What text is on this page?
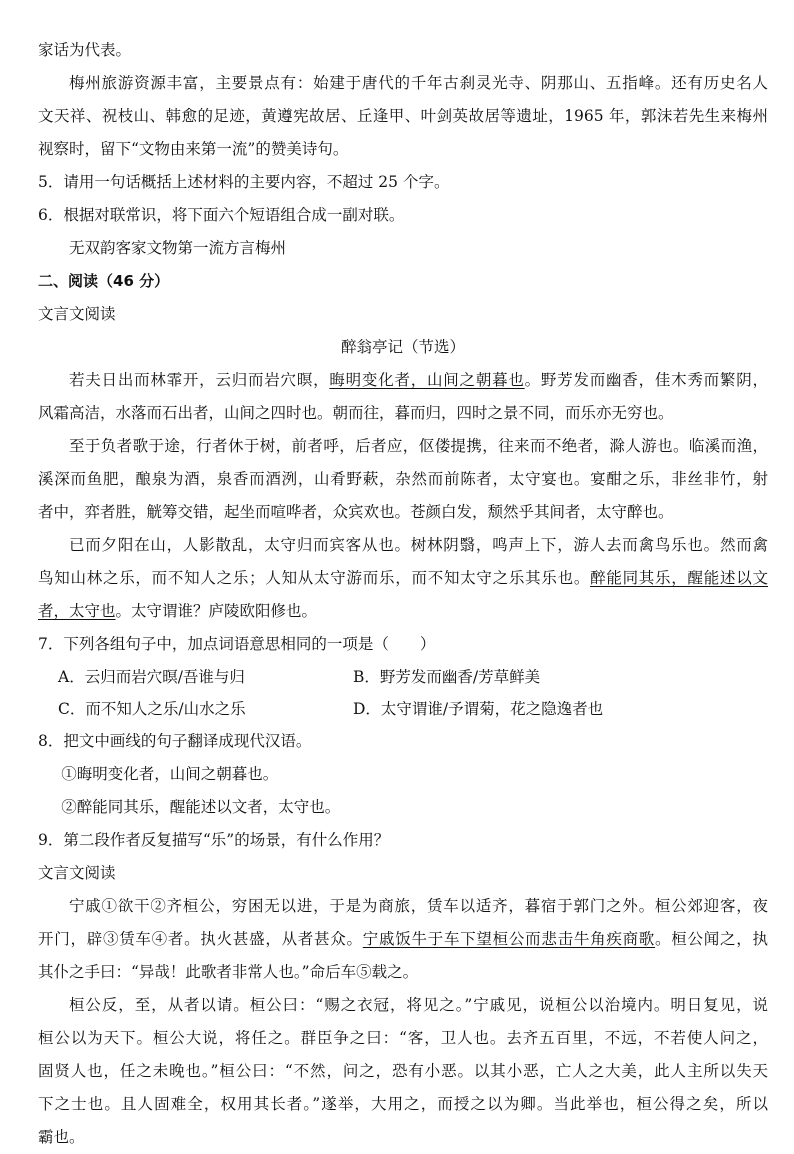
家话为代表。

梅州旅游资源丰富，主要景点有：始建于唐代的千年古刹灵光寺、阴那山、五指峰。还有历史名人

文天祥、祝枝山、韩愈的足迹，黄遵宪故居、丘逢甲、叶剑英故居等遗址，1965 年，郭沫若先生来梅州

视察时，留下“文物由来第一流”的赞美诗句。

5．请用一句话概括上述材料的主要内容，不超过 25 个字。

6．根据对联常识，将下面六个短语组合成一副对联。

无双韵客家文物第一流方言梅州

二、阅读（46 分）

文言文阅读

醉翁亭记（节选）

若夫日出而林霏开，云归而岩穴暝，晦明变化者，山间之朝暮也。野芳发而幽香，佳木秀而繁阴，

风霜高洁，水落而石出者，山间之四时也。朝而往，暮而归，四时之景不同，而乐亦无穷也。

至于负者歌于途，行者休于树，前者呼，后者应，伛偻提携，往来而不绝者，滁人游也。临溪而渔，

溪深而鱼肥，酿泉为酒，泉香而酒洌，山肴野蔌，杂然而前陈者，太守宴也。宴酣之乐，非丝非竹，射

者中，弈者胜，觥筹交错，起坐而喧哗者，众宾欢也。苍颜白发，颓然乎其间者，太守醉也。

已而夕阳在山，人影散乱，太守归而宾客从也。树林阴翳，鸣声上下，游人去而禽鸟乐也。然而禽

鸟知山林之乐，而不知人之乐；人知从太守游而乐，而不知太守之乐其乐也。醉能同其乐，醒能述以文

者，太守也。太守谓谁？庐陵欧阳修也。

7．下列各组句子中，加点词语意思相同的一项是（　　）

A．云归而岩穴暝/吾谁与归	B．野芳发而幽香/芳草鲜美

C．而不知人之乐/山水之乐	D．太守谓谁/予谓菊，花之隐逸者也

8．把文中画线的句子翻译成现代汉语。

①晦明变化者，山间之朝暮也。

②醉能同其乐，醒能述以文者，太守也。

9．第二段作者反复描写“乐”的场景，有什么作用？

文言文阅读

宁戚①欲干②齐桓公，穷困无以进，于是为商旅，赁车以适齐，暮宿于郭门之外。桓公郊迎客，夜

开门，辟③赁车④者。执火甚盛，从者甚众。宁戚饭牛于车下望桓公而悲击牛角疾商歌。桓公闻之，执

其仆之手曰：“异哉！此歌者非常人也。”命后车⑤载之。

桓公反，至，从者以请。桓公曰：“赐之衣冠，将见之。”宁戚见，说桓公以治境内。明日复见，说

桓公以为天下。桓公大说，将任之。群臣争之曰：“客，卫人也。去齐五百里，不远，不若使人问之，

固贤人也，任之未晚也。”桓公曰：“不然，问之，恐有小恶。以其小恶，亡人之大美，此人主所以失天

下之士也。且人固难全，权用其长者。”遂举，大用之，而授之以为卿。当此举也，桓公得之矣，所以

霸也。
